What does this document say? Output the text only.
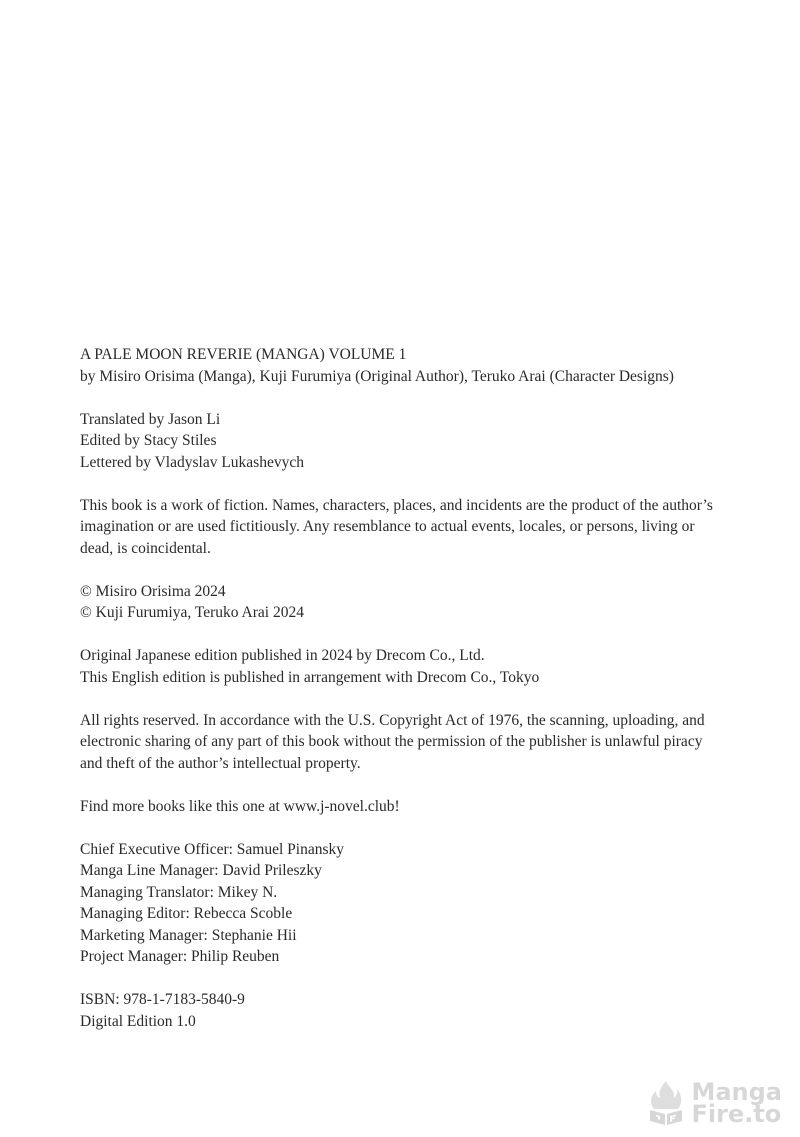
A PALE MOON REVERIE (MANGA) VOLUME 1
by Misiro Orisima (Manga), Kuji Furumiya (Original Author), Teruko Arai (Character Designs)
Translated by Jason Li
Edited by Stacy Stiles
Lettered by Vladyslav Lukashevych
This book is a work of fiction. Names, characters, places, and incidents are the product of the author’s imagination or are used fictitiously. Any resemblance to actual events, locales, or persons, living or dead, is coincidental.
© Misiro Orisima 2024
© Kuji Furumiya, Teruko Arai 2024
Original Japanese edition published in 2024 by Drecom Co., Ltd.
This English edition is published in arrangement with Drecom Co., Tokyo
All rights reserved. In accordance with the U.S. Copyright Act of 1976, the scanning, uploading, and electronic sharing of any part of this book without the permission of the publisher is unlawful piracy and theft of the author’s intellectual property.
Find more books like this one at www.j-novel.club!
Chief Executive Officer: Samuel Pinansky
Manga Line Manager: David Prileszky
Managing Translator: Mikey N.
Managing Editor: Rebecca Scoble
Marketing Manager: Stephanie Hii
Project Manager: Philip Reuben
ISBN: 978-1-7183-5840-9
Digital Edition 1.0
Manga
Fire.to
